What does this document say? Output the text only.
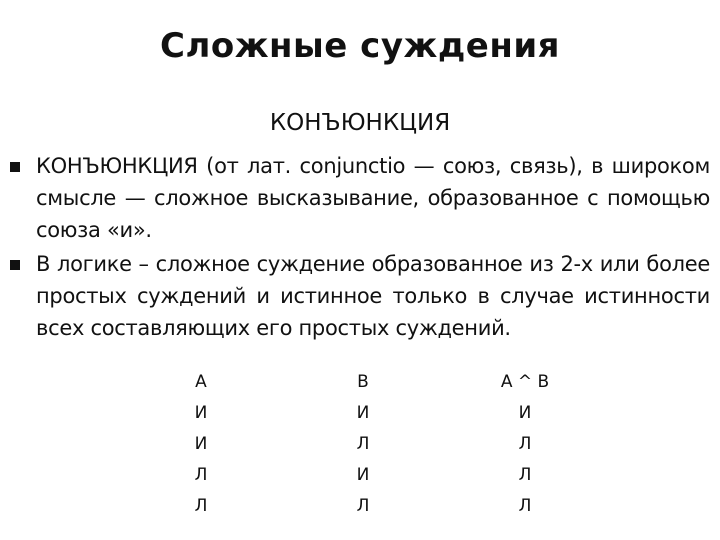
Сложные суждения
КОНЪЮНКЦИЯ
КОНЪЮНКЦИЯ (от лат. conjunctio — союз, связь), в широком смысле — сложное высказывание, образованное с помощью союза «и».
В логике – сложное суждение образованное из 2-х или более простых суждений и истинное только в случае истинности всех составляющих его простых суждений.
А	В	А ^ В
И	И	И
И	Л	Л
Л	И	Л
Л	Л	Л
